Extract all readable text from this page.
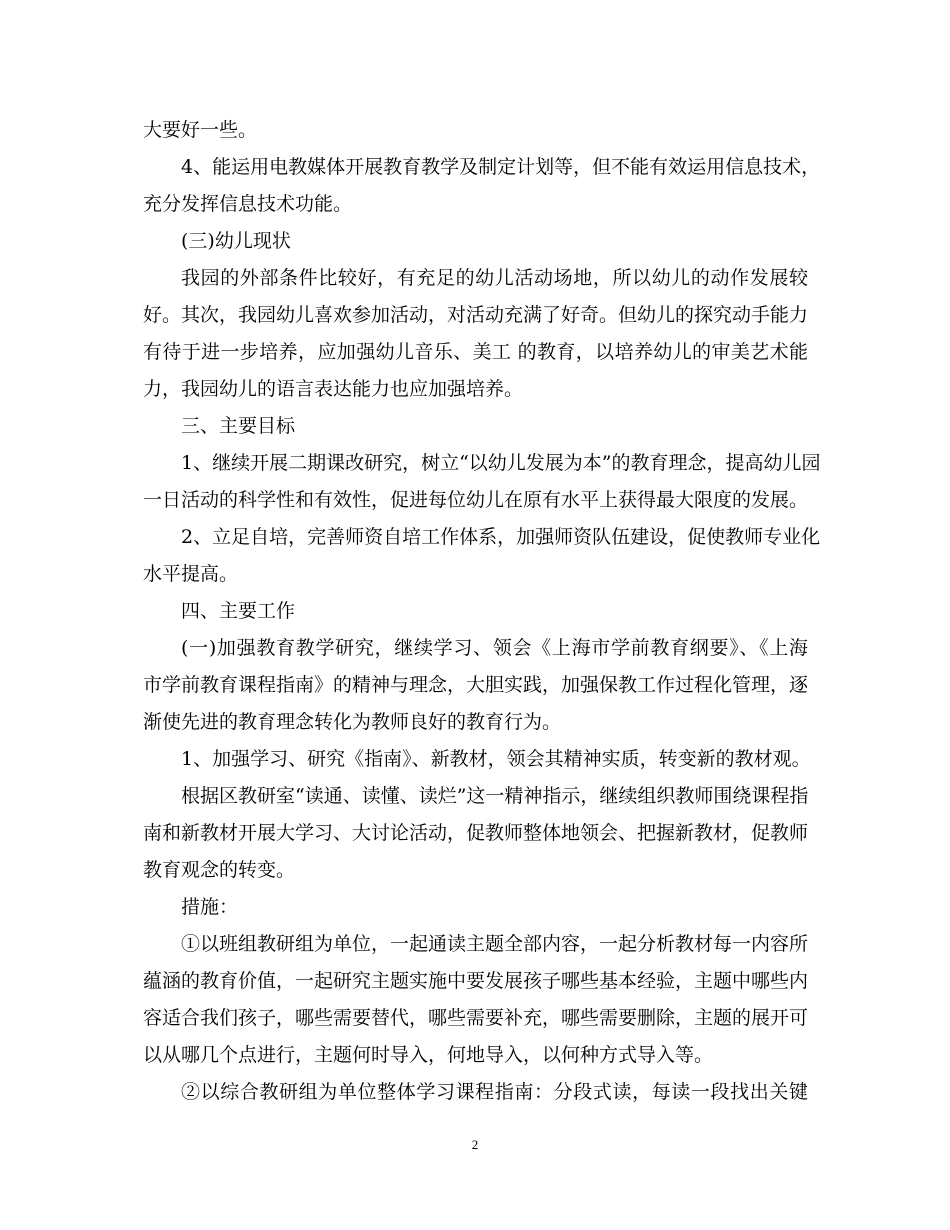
大要好一些。
4、能运用电教媒体开展教育教学及制定计划等，但不能有效运用信息技术，
充分发挥信息技术功能。
(三)幼儿现状
我园的外部条件比较好，有充足的幼儿活动场地，所以幼儿的动作发展较
好。其次，我园幼儿喜欢参加活动，对活动充满了好奇。但幼儿的探究动手能力
有待于进一步培养，应加强幼儿音乐、美工 的教育，以培养幼儿的审美艺术能
力，我园幼儿的语言表达能力也应加强培养。
三、主要目标
1、继续开展二期课改研究，树立“以幼儿发展为本”的教育理念，提高幼儿园
一日活动的科学性和有效性，促进每位幼儿在原有水平上获得最大限度的发展。
2、立足自培，完善师资自培工作体系，加强师资队伍建设，促使教师专业化
水平提高。
四、主要工作
(一)加强教育教学研究，继续学习、领会《上海市学前教育纲要》、《上海
市学前教育课程指南》的精神与理念，大胆实践，加强保教工作过程化管理，逐
渐使先进的教育理念转化为教师良好的教育行为。
1、加强学习、研究《指南》、新教材，领会其精神实质，转变新的教材观。
根据区教研室“读通、读懂、读烂”这一精神指示，继续组织教师围绕课程指
南和新教材开展大学习、大讨论活动，促教师整体地领会、把握新教材，促教师
教育观念的转变。
措施：
①以班组教研组为单位，一起通读主题全部内容，一起分析教材每一内容所
蕴涵的教育价值，一起研究主题实施中要发展孩子哪些基本经验，主题中哪些内
容适合我们孩子，哪些需要替代，哪些需要补充，哪些需要删除，主题的展开可
以从哪几个点进行，主题何时导入，何地导入，以何种方式导入等。
②以综合教研组为单位整体学习课程指南：分段式读，每读一段找出关键
2
